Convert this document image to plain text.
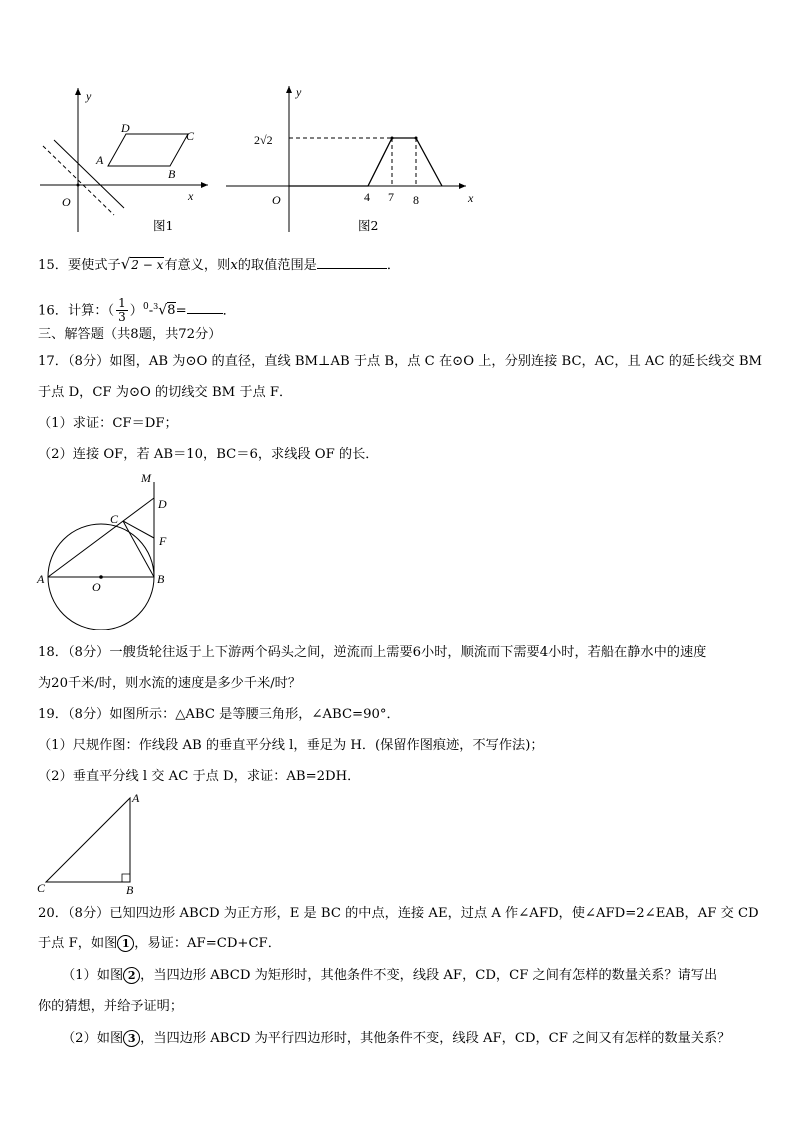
y
x
O
A
B
C
D
图1
y
x
O
2√2
4 7 8
图2
15．要使式子√2 − x有意义，则x的取值范围是	．
16．计算：（ $\frac{1}{3} )^0-^3√8=$	．
三、解答题（共8题，共72分）
17．（8分）如图，AB 为⊙O 的直径，直线 BM⊥AB 于点 B，点 C 在⊙O 上，分别连接 BC，AC，且 AC 的延长线交 BM
于点 D，CF 为⊙O 的切线交 BM 于点 F．
（1）求证：CF＝DF；
（2）连接 OF，若 AB＝10，BC＝6，求线段 OF 的长．
M
D
C
F
A
O
B
18．（8分）一艘货轮往返于上下游两个码头之间，逆流而上需要6小时，顺流而下需要4小时，若船在静水中的速度
为20千米/时，则水流的速度是多少千米/时？
19．（8分）如图所示：△ABC 是等腰三角形，∠ABC=90°．
（1）尺规作图：作线段 AB 的垂直平分线 l，垂足为 H．(保留作图痕迹，不写作法)；
（2）垂直平分线 l 交 AC 于点 D，求证：AB=2DH．
A
C	B
20．（8分）已知四边形 ABCD 为正方形，E 是 BC 的中点，连接 AE，过点 A 作∠AFD，使∠AFD=2∠EAB，AF 交 CD
于点 F，如图 1 ，易证：AF=CD+CF．
（1）如图 2 ，当四边形 ABCD 为矩形时，其他条件不变，线段 AF，CD，CF 之间有怎样的数量关系？请写出
你的猜想，并给予证明；
（2）如图 3 ，当四边形 ABCD 为平行四边形时，其他条件不变，线段 AF，CD，CF 之间又有怎样的数量关系？
